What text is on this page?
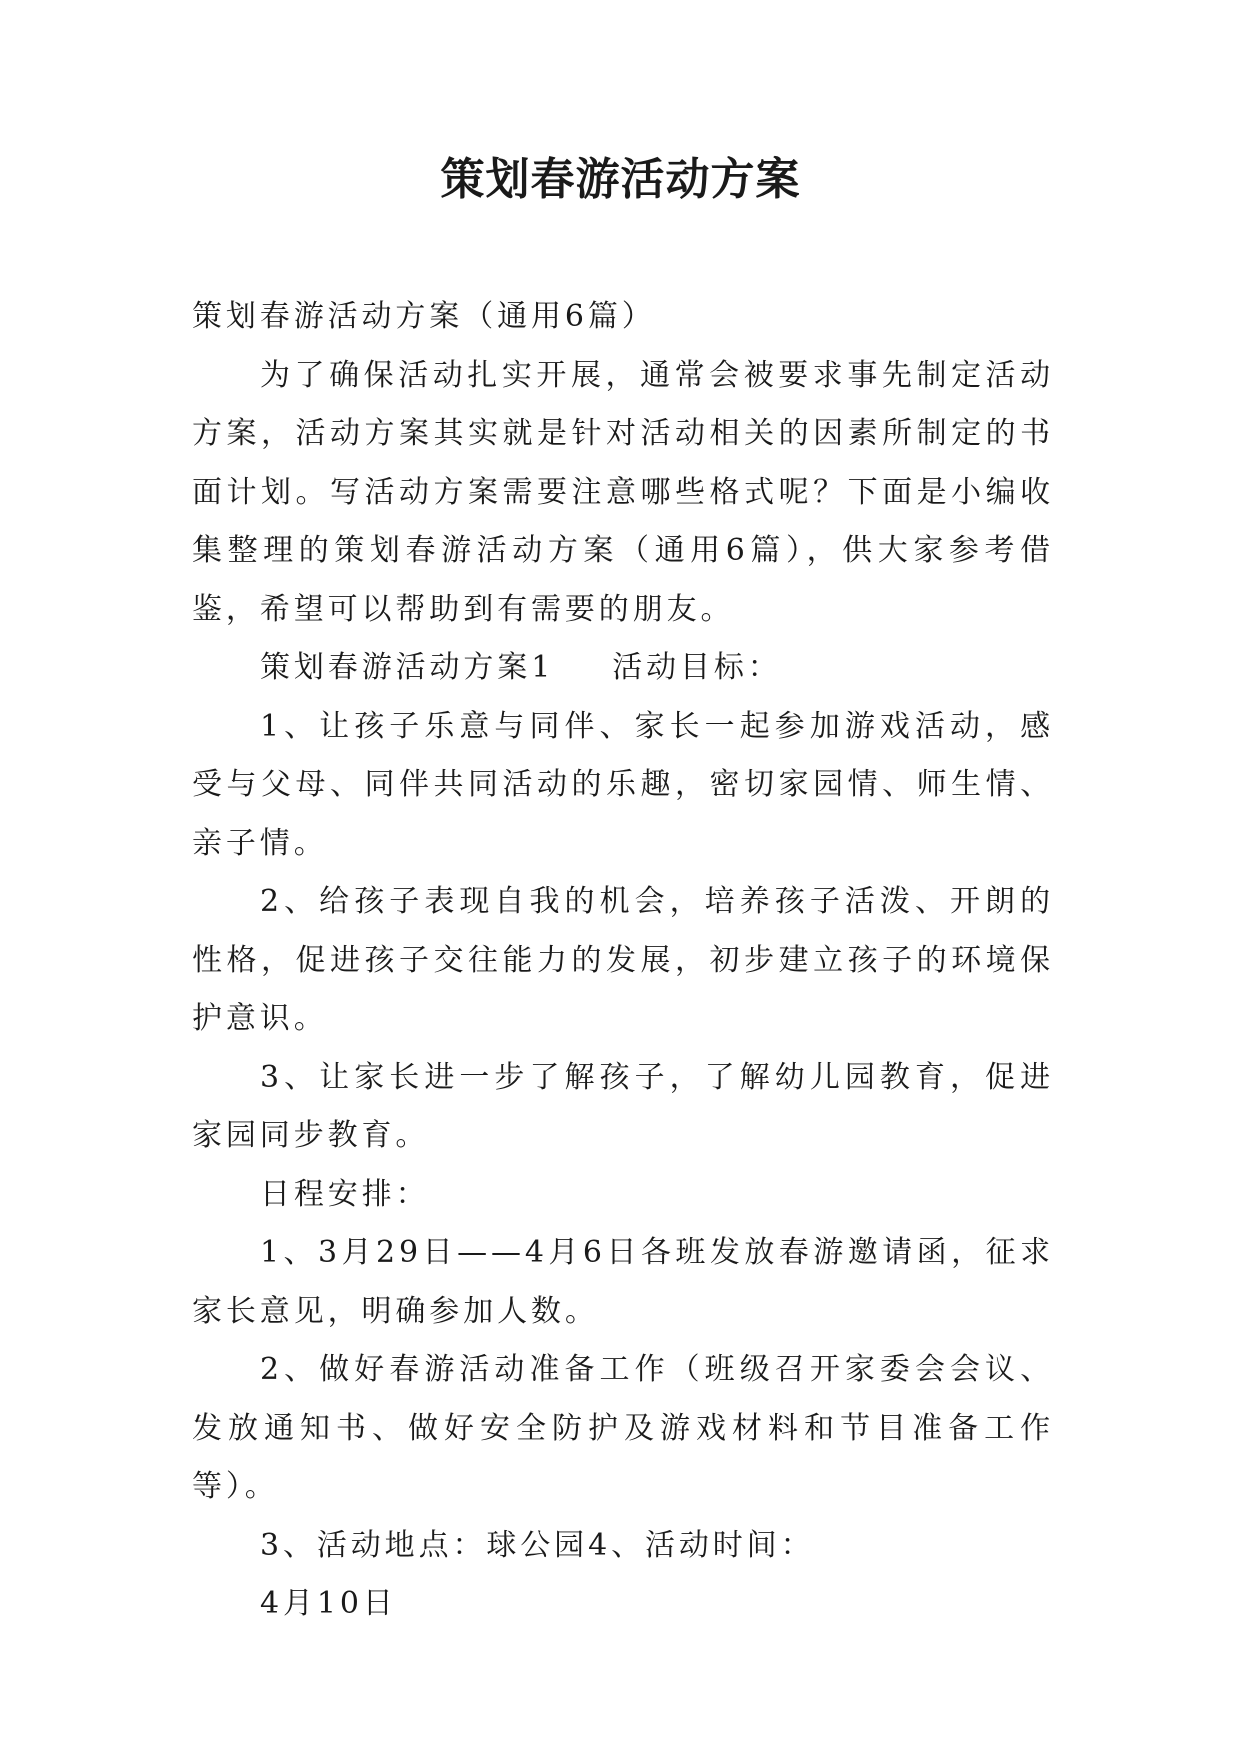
策划春游活动方案

策划春游活动方案（通用6篇）

为了确保活动扎实开展，通常会被要求事先制定活动方案，活动方案其实就是针对活动相关的因素所制定的书面计划。写活动方案需要注意哪些格式呢？下面是小编收集整理的策划春游活动方案（通用6篇），供大家参考借鉴，希望可以帮助到有需要的朋友。

策划春游活动方案1 活动目标：

1、让孩子乐意与同伴、家长一起参加游戏活动，感受与父母、同伴共同活动的乐趣，密切家园情、师生情、亲子情。

2、给孩子表现自我的机会，培养孩子活泼、开朗的性格，促进孩子交往能力的发展，初步建立孩子的环境保护意识。

3、让家长进一步了解孩子，了解幼儿园教育，促进家园同步教育。

日程安排：

1、3月29日——4月6日各班发放春游邀请函，征求家长意见，明确参加人数。

2、做好春游活动准备工作（班级召开家委会会议、发放通知书、做好安全防护及游戏材料和节目准备工作等）。

3、活动地点：球公园4、活动时间：

4月10日
